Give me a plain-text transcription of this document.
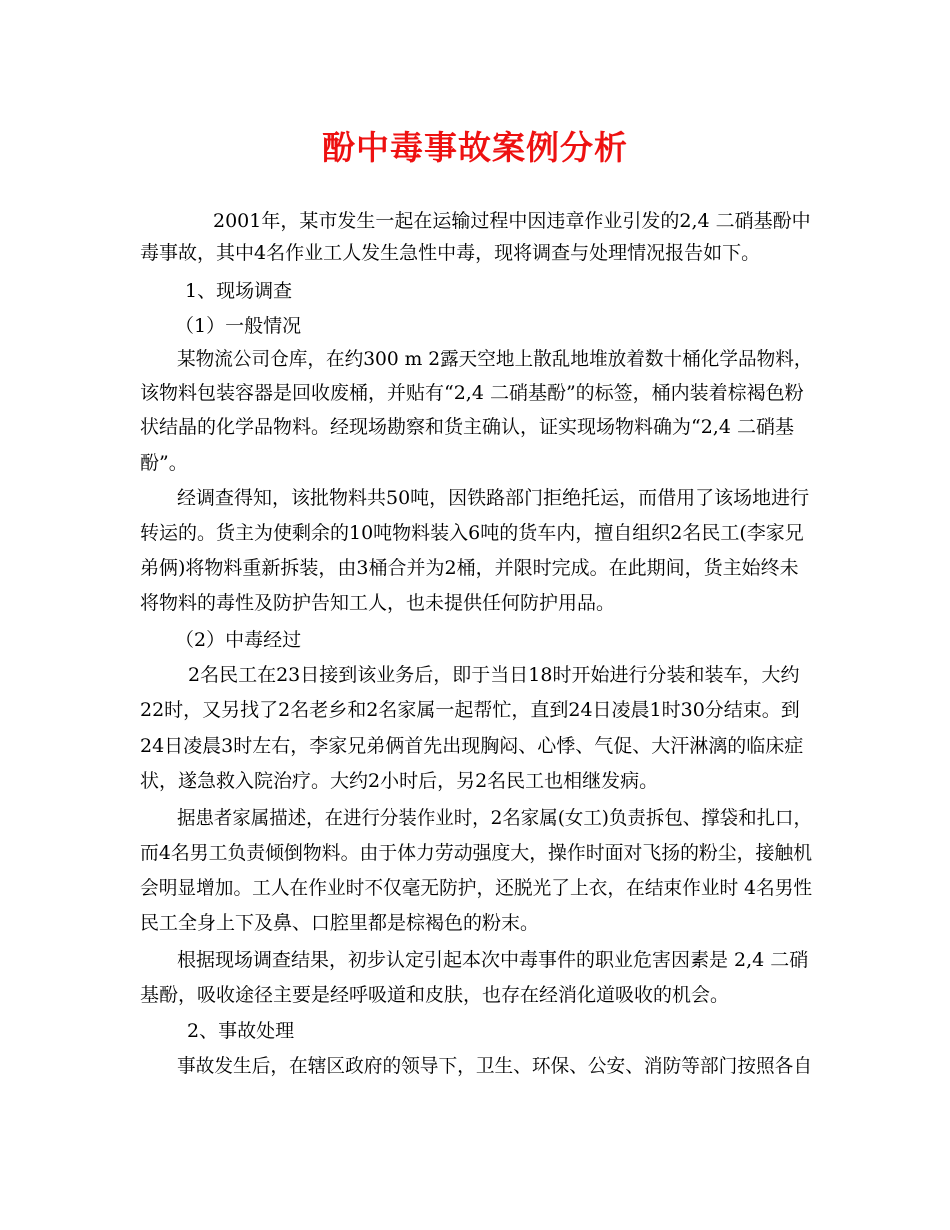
酚中毒事故案例分析
2001年，某市发生一起在运输过程中因违章作业引发的2,4 二硝基酚中
毒事故，其中4名作业工人发生急性中毒，现将调查与处理情况报告如下。
1、现场调查
（1）一般情况
某物流公司仓库，在约300 m 2露天空地上散乱地堆放着数十桶化学品物料，
该物料包装容器是回收废桶，并贴有“2,4 二硝基酚”的标签，桶内装着棕褐色粉
状结晶的化学品物料。经现场勘察和货主确认，证实现场物料确为“2,4 二硝基
酚”。
经调查得知，该批物料共50吨，因铁路部门拒绝托运，而借用了该场地进行
转运的。货主为使剩余的10吨物料装入6吨的货车内，擅自组织2名民工(李家兄
弟俩)将物料重新拆装，由3桶合并为2桶，并限时完成。在此期间，货主始终未
将物料的毒性及防护告知工人，也未提供任何防护用品。
（2）中毒经过
2名民工在23日接到该业务后，即于当日18时开始进行分装和装车，大约
22时，又另找了2名老乡和2名家属一起帮忙，直到24日凌晨1时30分结束。到
24日凌晨3时左右，李家兄弟俩首先出现胸闷、心悸、气促、大汗淋漓的临床症
状，遂急救入院治疗。大约2小时后，另2名民工也相继发病。
据患者家属描述，在进行分装作业时，2名家属(女工)负责拆包、撑袋和扎口，
而4名男工负责倾倒物料。由于体力劳动强度大，操作时面对飞扬的粉尘，接触机
会明显增加。工人在作业时不仅毫无防护，还脱光了上衣，在结束作业时 4名男性
民工全身上下及鼻、口腔里都是棕褐色的粉末。
根据现场调查结果，初步认定引起本次中毒事件的职业危害因素是 2,4 二硝
基酚，吸收途径主要是经呼吸道和皮肤，也存在经消化道吸收的机会。
2、事故处理
事故发生后，在辖区政府的领导下，卫生、环保、公安、消防等部门按照各自
